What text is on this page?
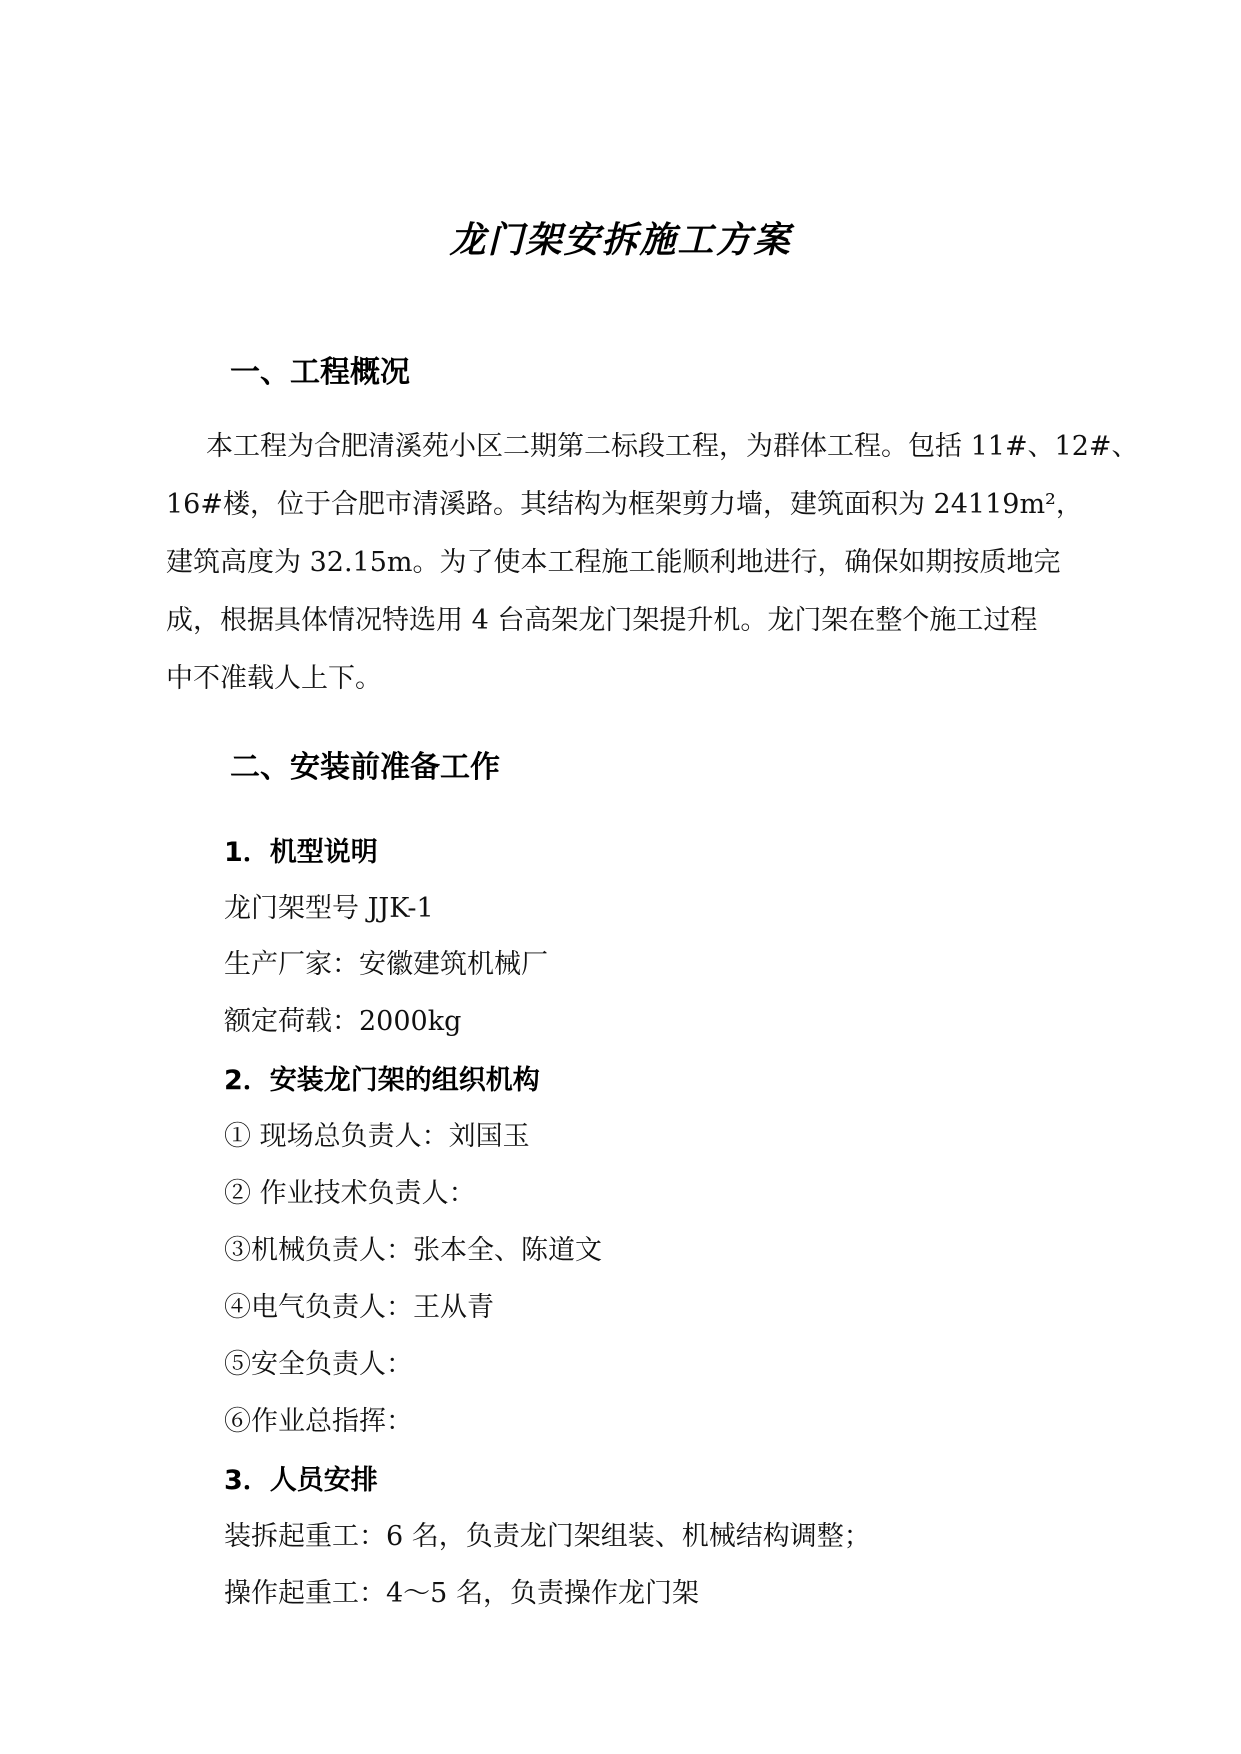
龙门架安拆施工方案
一、工程概况
本工程为合肥清溪苑小区二期第二标段工程，为群体工程。包括 11#、12#、
16#楼，位于合肥市清溪路。其结构为框架剪力墙，建筑面积为 24119m²，
建筑高度为 32.15m。为了使本工程施工能顺利地进行，确保如期按质地完
成，根据具体情况特选用 4 台高架龙门架提升机。龙门架在整个施工过程
中不准载人上下。
二、安装前准备工作
1．机型说明
龙门架型号 JJK-1
生产厂家：安徽建筑机械厂
额定荷载：2000kg
2．安装龙门架的组织机构
① 现场总负责人：刘国玉
② 作业技术负责人：
③机械负责人：张本全、陈道文
④电气负责人：王从青
⑤安全负责人：
⑥作业总指挥：
3．人员安排
装拆起重工：6 名，负责龙门架组装、机械结构调整；
操作起重工：4～5 名，负责操作龙门架
